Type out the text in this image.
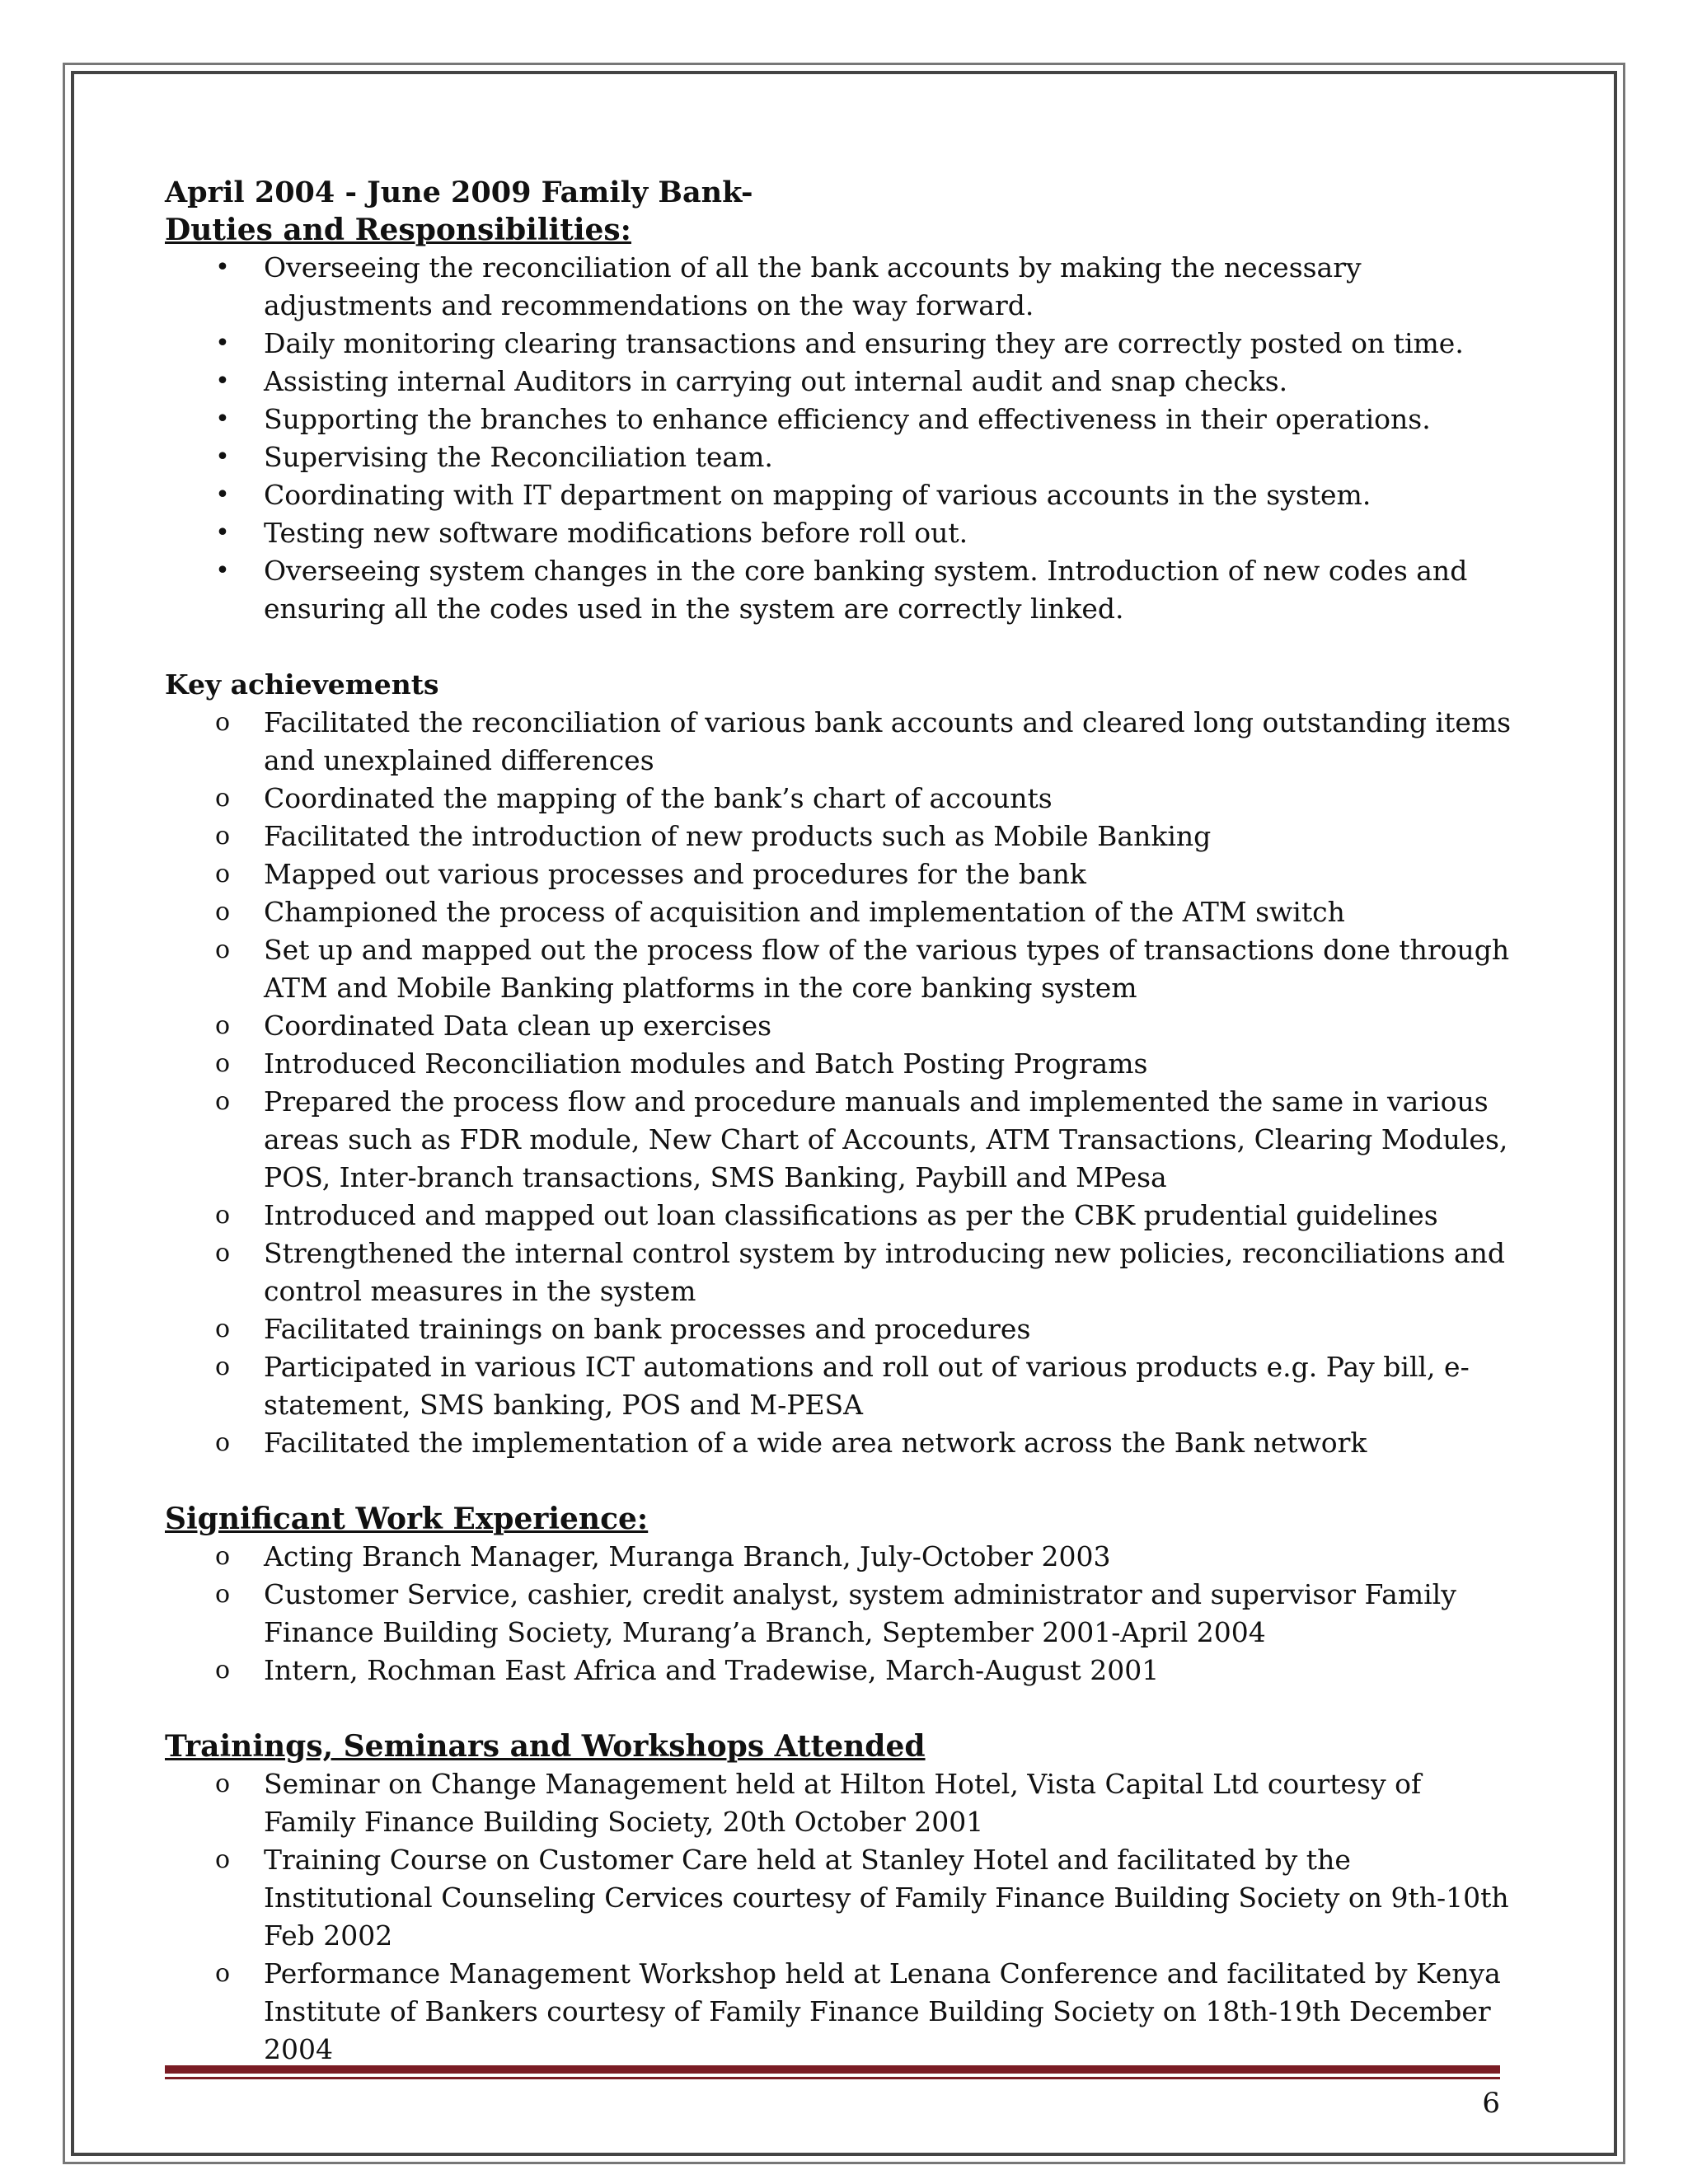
April 2004 - June 2009 Family Bank-

Duties and Responsibilities:

•	Overseeing the reconciliation of all the bank accounts by making the necessary adjustments and recommendations on the way forward.
•	Daily monitoring clearing transactions and ensuring they are correctly posted on time.
•	Assisting internal Auditors in carrying out internal audit and snap checks.
•	Supporting the branches to enhance efficiency and effectiveness in their operations.
•	Supervising the Reconciliation team.
•	Coordinating with IT department on mapping of various accounts in the system.
•	Testing new software modifications before roll out.
•	Overseeing system changes in the core banking system. Introduction of new codes and ensuring all the codes used in the system are correctly linked.

Key achievements

o	Facilitated the reconciliation of various bank accounts and cleared long outstanding items and unexplained differences
o	Coordinated the mapping of the bank’s chart of accounts
o	Facilitated the introduction of new products such as Mobile Banking
o	Mapped out various processes and procedures for the bank
o	Championed the process of acquisition and implementation of the ATM switch
o	Set up and mapped out the process flow of the various types of transactions done through ATM and Mobile Banking platforms in the core banking system
o	Coordinated Data clean up exercises
o	Introduced Reconciliation modules and Batch Posting Programs
o	Prepared the process flow and procedure manuals and implemented the same in various areas such as FDR module, New Chart of Accounts, ATM Transactions, Clearing Modules, POS, Inter-branch transactions, SMS Banking, Paybill and MPesa
o	Introduced and mapped out loan classifications as per the CBK prudential guidelines
o	Strengthened the internal control system by introducing new policies, reconciliations and control measures in the system
o	Facilitated trainings on bank processes and procedures
o	Participated in various ICT automations and roll out of various products e.g. Pay bill, e-statement, SMS banking, POS and M-PESA
o	Facilitated the implementation of a wide area network across the Bank network

Significant Work Experience:

o	Acting Branch Manager, Muranga Branch, July-October 2003
o	Customer Service, cashier, credit analyst, system administrator and supervisor Family Finance Building Society, Murang’a Branch, September 2001-April 2004
o	Intern, Rochman East Africa and Tradewise, March-August 2001

Trainings, Seminars and Workshops Attended

o	Seminar on Change Management held at Hilton Hotel, Vista Capital Ltd courtesy of Family Finance Building Society, 20th October 2001
o	Training Course on Customer Care held at Stanley Hotel and facilitated by the Institutional Counseling Cervices courtesy of Family Finance Building Society on 9th-10th Feb 2002
o	Performance Management Workshop held at Lenana Conference and facilitated by Kenya Institute of Bankers courtesy of Family Finance Building Society on 18th-19th December 2004
6
